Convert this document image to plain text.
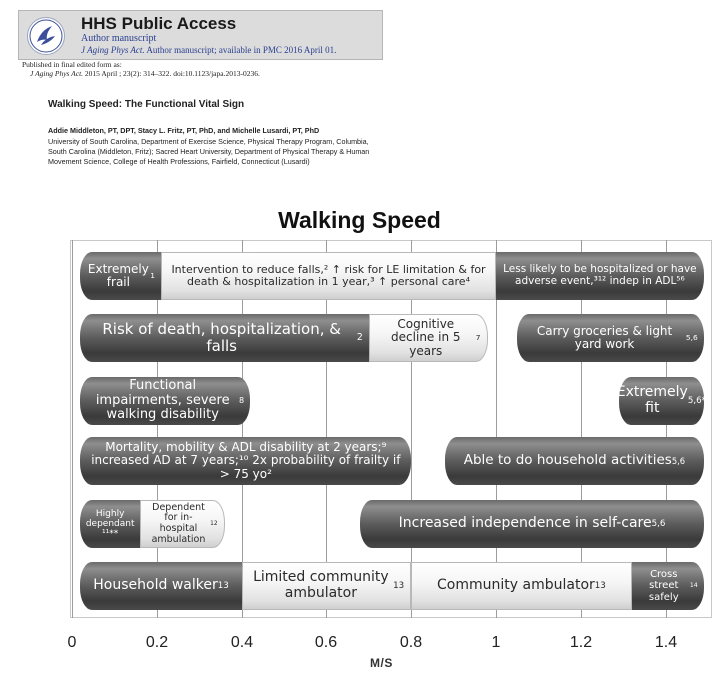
HHS Public Access
Author manuscript
J Aging Phys Act. Author manuscript; available in PMC 2016 April 01.
Published in final edited form as:
J Aging Phys Act. 2015 April ; 23(2): 314–322. doi:10.1123/japa.2013-0236.
Walking Speed: The Functional Vital Sign
Addie Middleton, PT, DPT, Stacy L. Fritz, PT, PhD, and Michelle Lusardi, PT, PhD
University of South Carolina, Department of Exercise Science, Physical Therapy Program, Columbia, South Carolina (Middleton, Fritz); Sacred Heart University, Department of Physical Therapy & Human Movement Science, College of Health Professions, Fairfield, Connecticut (Lusardi)
Walking Speed
0	0.2	0.4	0.6	0.8	1	1.2	1.4
Extremely frail	1	Intervention to reduce falls,² ↑ risk for LE limitation & for death & hospitalization in 1 year,³ ↑ personal care⁴
Less likely to be hospitalized or have adverse event,³¹² indep in ADL⁵⁶
Risk of death, hospitalization, & falls	2
Cognitive decline in 5 years
7	Carry groceries & light yard work	5,6
Functional impairments, severe walking disability
8
Extremely fit	5,6*
Mortality, mobility & ADL disability at 2 years;⁹ increased AD at 7 years;¹⁰ 2x probability of frailty if > 75 yo²
Able to do household activities 5,6
Highly dependant ¹¹**
Dependent for in-hospital ambulation
12	Increased independence in self-care 5,6
Household walker 13
Limited community ambulator	13 Community ambulator 13
Cross street safely
14
M/S
